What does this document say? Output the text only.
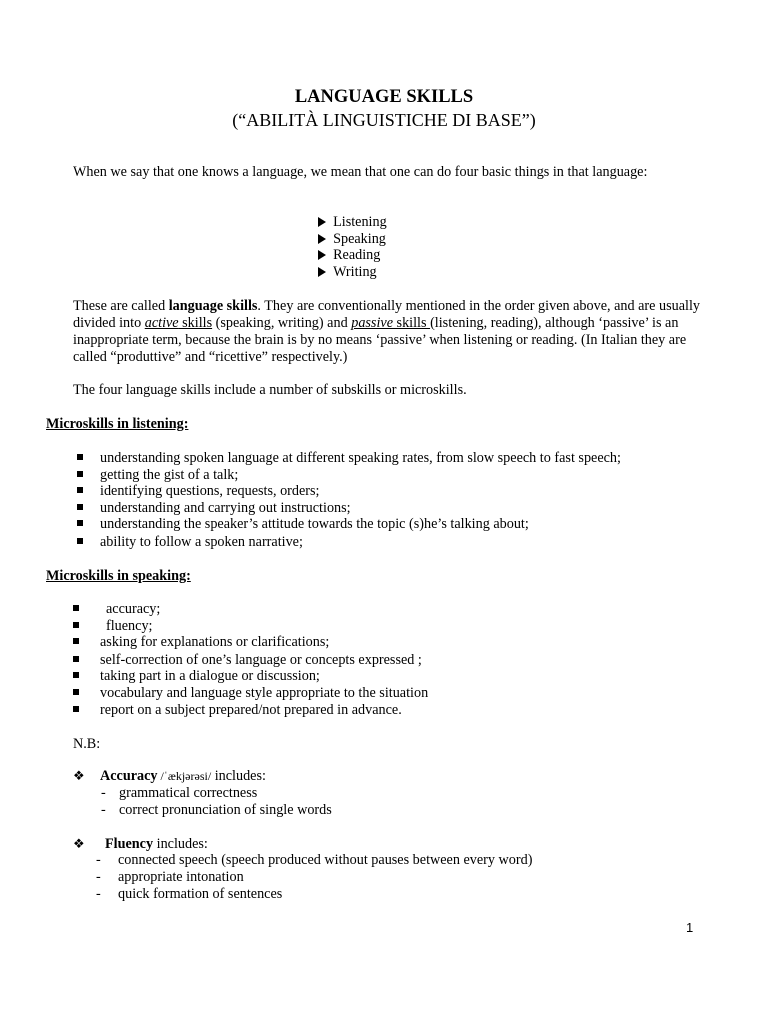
LANGUAGE SKILLS
(“ABILITÀ LINGUISTICHE DI BASE”)
When we say that one knows a language, we mean that one can do four basic things in that language:
Listening
Speaking
Reading
Writing
These are called language skills. They are conventionally mentioned in the order given above, and are usually divided into active skills (speaking, writing) and passive skills (listening, reading), although ‘passive’ is an inappropriate term, because the brain is by no means ‘passive’ when listening or reading. (In Italian they are called “produttive” and “ricettive” respectively.)
The four language skills include a number of subskills or microskills.
Microskills in listening:
understanding spoken language at different speaking rates, from slow speech to fast speech;
getting the gist of a talk;
identifying questions, requests, orders;
understanding and carrying out instructions;
understanding the speaker’s attitude towards the topic (s)he’s talking about;
ability to follow a spoken narrative;
Microskills in speaking:
accuracy;
fluency;
asking for explanations or clarifications;
self-correction of one’s language or concepts expressed ;
taking part in a dialogue or discussion;
vocabulary and language style appropriate to the situation
report on a subject prepared/not prepared in advance.
N.B:
❖ Accuracy /ˈækjərəsi/ includes:
- grammatical correctness
- correct pronunciation of single words
❖ Fluency includes:
- connected speech (speech produced without pauses between every word)
- appropriate intonation
- quick formation of sentences
1
